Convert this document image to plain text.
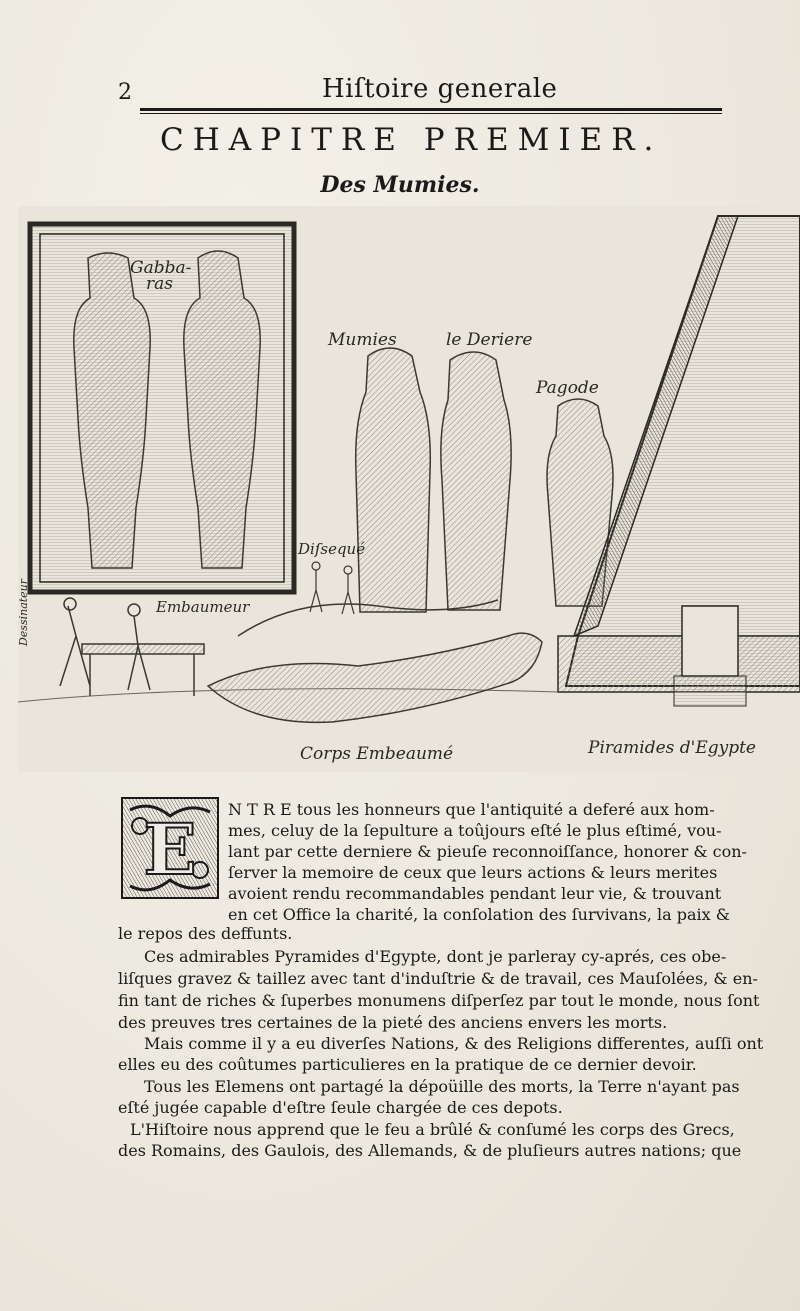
2	Hiſtoire generale
CHAPITRE PREMIER.
Des Mumies.
Gabba-
ras
Mumies	le Deriere
Pagode
Diſsequé
Embaumeur
Dessinateur
Corps Embeaumé	Piramides d'Egypte
E N T R E tous les honneurs que l'antiquité a deferé aux hom-
mes, celuy de la ſepulture a toûjours eſté le plus eſtimé, vou-
lant par cette derniere & pieuſe reconnoiſſance, honorer & con-
ſerver la memoire de ceux que leurs actions & leurs merites
avoient rendu recommandables pendant leur vie, & trouvant
en cet Office la charité, la conſolation des ſurvivans, la paix &
le repos des deffunts.
Ces admirables Pyramides d'Egypte, dont je parleray cy-aprés, ces obe-
liſques gravez & taillez avec tant d'induſtrie & de travail, ces Mauſolées, & en-
fin tant de riches & ſuperbes monumens diſperſez par tout le monde, nous ſont
des preuves tres certaines de la pieté des anciens envers les morts.
Mais comme il y a eu diverſes Nations, & des Religions differentes, auſſi ont
elles eu des coûtumes particulieres en la pratique de ce dernier devoir.
Tous les Elemens ont partagé la dépoüille des morts, la Terre n'ayant pas
eſté jugée capable d'eſtre ſeule chargée de ces depots.
L'Hiſtoire nous apprend que le feu a brûlé & conſumé les corps des Grecs,
des Romains, des Gaulois, des Allemands, & de pluſieurs autres nations; que
